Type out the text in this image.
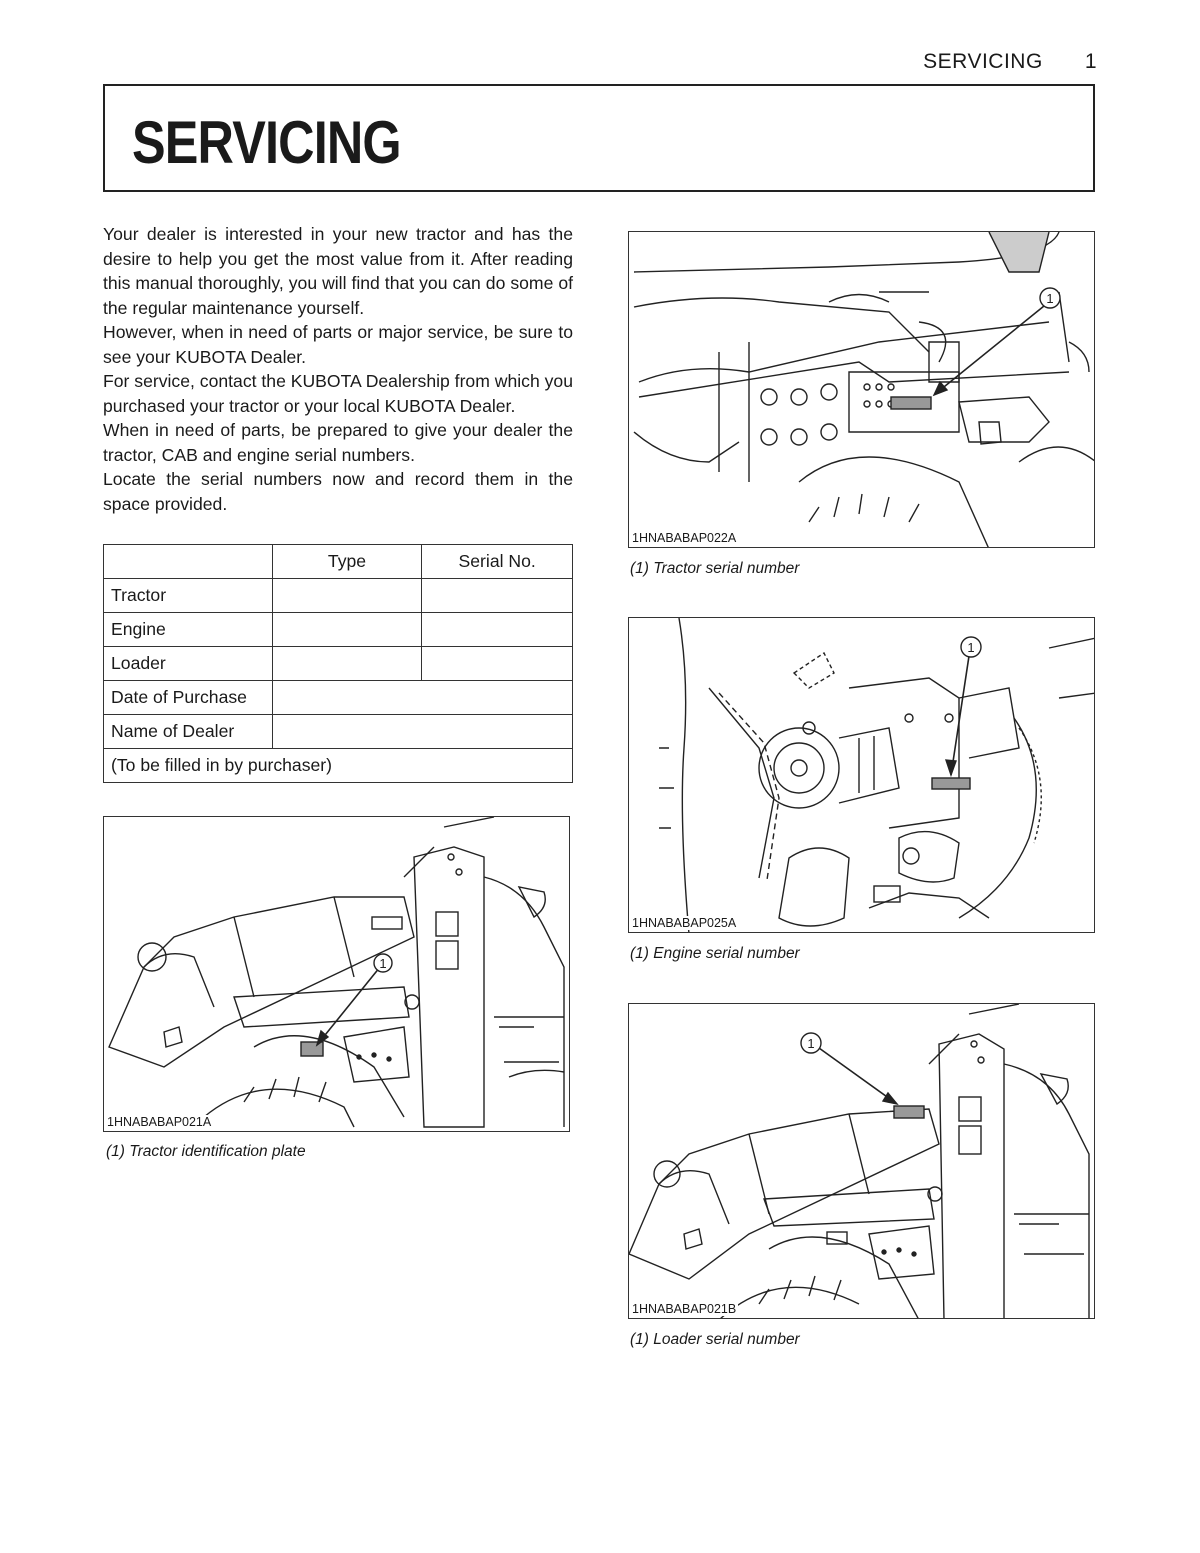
SERVICING 1
SERVICING

Your dealer is interested in your new tractor and has the desire to help you get the most value from it. After reading this manual thoroughly, you will find that you can do some of the regular maintenance yourself.

However, when in need of parts or major service, be sure to see your KUBOTA Dealer.

For service, contact the KUBOTA Dealership from which you purchased your tractor or your local KUBOTA Dealer.

When in need of parts, be prepared to give your dealer the tractor, CAB and engine serial numbers.

Locate the serial numbers now and record them in the space provided.

	Type	Serial No.
Tractor		
Engine		
Loader		
Date of Purchase		
Name of Dealer		
(To be filled in by purchaser)		
1
1HNABABAP021A
(1) Tractor identification plate
1
1HNABABAP022A
(1) Tractor serial number
1
1HNABABAP025A
(1) Engine serial number
1
1HNABABAP021B
(1) Loader serial number
